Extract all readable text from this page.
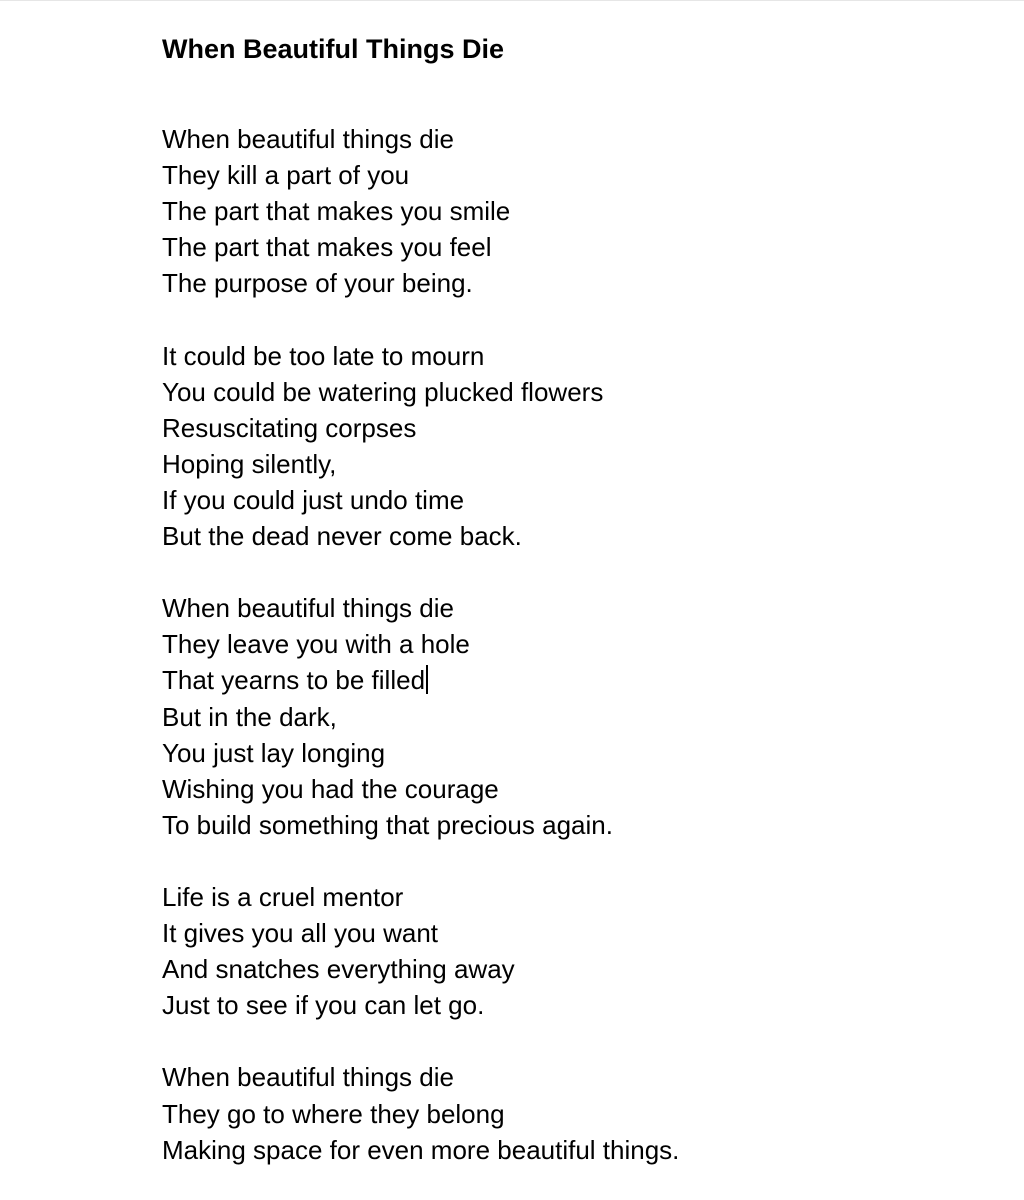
When Beautiful Things Die
When beautiful things die
They kill a part of you
The part that makes you smile
The part that makes you feel
The purpose of your being.
It could be too late to mourn
You could be watering plucked flowers
Resuscitating corpses
Hoping silently,
If you could just undo time
But the dead never come back.
When beautiful things die
They leave you with a hole
That yearns to be filled
But in the dark,
You just lay longing
Wishing you had the courage
To build something that precious again.
Life is a cruel mentor
It gives you all you want
And snatches everything away
Just to see if you can let go.
When beautiful things die
They go to where they belong
Making space for even more beautiful things.
